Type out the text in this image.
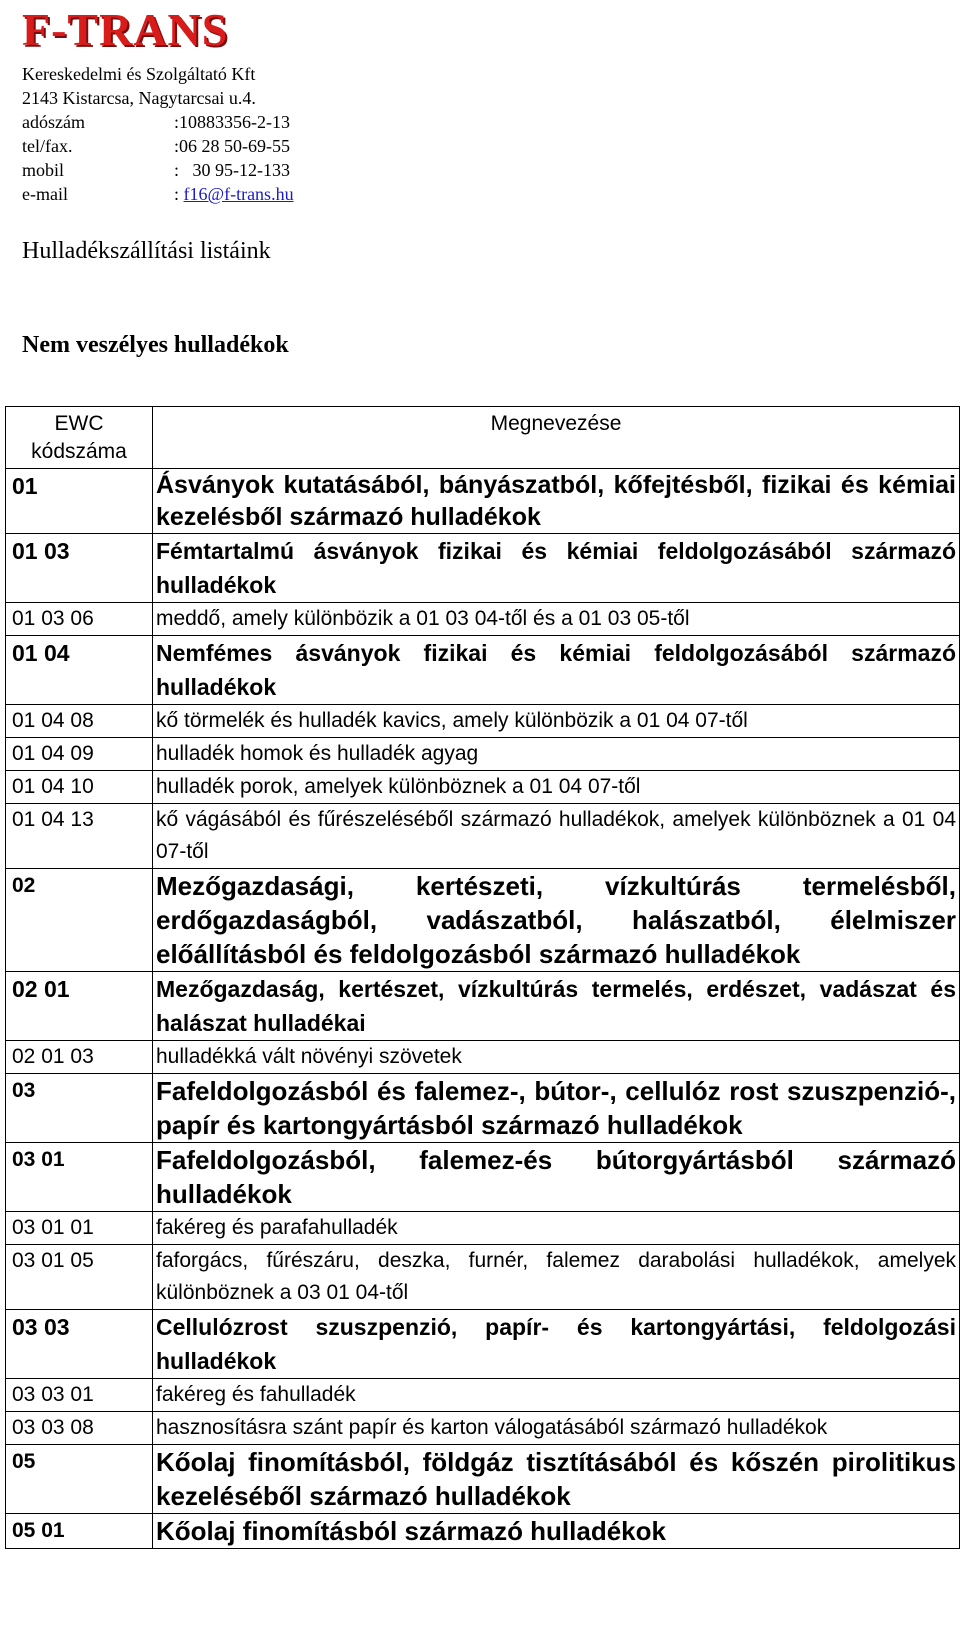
F-TRANS
Kereskedelmi és Szolgáltató Kft
2143 Kistarcsa, Nagytarcsai u.4.
adószám	:10883356-2-13
tel/fax.	:06 28 50-69-55
mobil	:   30 95-12-133
e-mail	: f16@f-trans.hu
Hulladékszállítási listáink
Nem veszélyes hulladékok
EWC kódszáma	Megnevezése
01	Ásványok kutatásából, bányászatból, kőfejtésből, fizikai és kémiai kezelésből származó hulladékok
01 03	Fémtartalmú ásványok fizikai és kémiai feldolgozásából származó hulladékok
01 03 06	meddő, amely különbözik a 01 03 04-től és a 01 03 05-től
01 04	Nemfémes ásványok fizikai és kémiai feldolgozásából származó hulladékok
01 04 08	kő törmelék és hulladék kavics, amely különbözik a 01 04 07-től
01 04 09	hulladék homok és hulladék agyag
01 04 10	hulladék porok, amelyek különböznek a 01 04 07-től
01 04 13	kő vágásából és fűrészeléséből származó hulladékok, amelyek különböznek a 01 04 07-től
02	Mezőgazdasági, kertészeti, vízkultúrás termelésből, erdőgazdaságból, vadászatból, halászatból, élelmiszer előállításból és feldolgozásból származó hulladékok
02 01	Mezőgazdaság, kertészet, vízkultúrás termelés, erdészet, vadászat és halászat hulladékai
02 01 03	hulladékká vált növényi szövetek
03	Fafeldolgozásból és falemez-, bútor-, cellulóz rost szuszpenzió-, papír és kartongyártásból származó hulladékok
03 01	Fafeldolgozásból, falemez-és bútorgyártásból származó hulladékok
03 01 01	fakéreg és parafahulladék
03 01 05	faforgács, fűrészáru, deszka, furnér, falemez darabolási hulladékok, amelyek különböznek a 03 01 04-től
03 03	Cellulózrost szuszpenzió, papír- és kartongyártási, feldolgozási hulladékok
03 03 01	fakéreg és fahulladék
03 03 08	hasznosításra szánt papír és karton válogatásából származó hulladékok
05	Kőolaj finomításból, földgáz tisztításából és kőszén pirolitikus kezeléséből származó hulladékok
05 01	Kőolaj finomításból származó hulladékok
